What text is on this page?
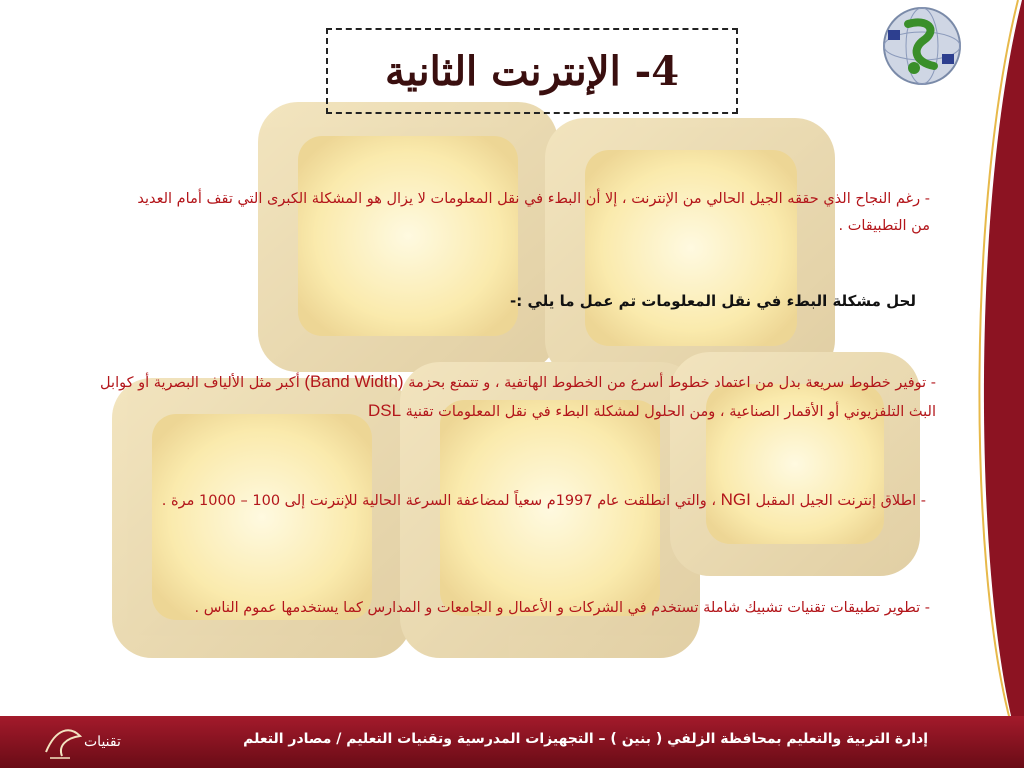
4- الإنترنت الثانية
- رغم النجاح الذي حققه الجيل الحالي من الإنترنت ، إلا أن البطء في نقل المعلومات لا يزال هو المشكلة الكبرى التي تقف أمام العديد من التطبيقات .
لحل مشكلة البطء في نقل المعلومات تم عمل ما يلي :-
- توفير خطوط سريعة بدل من اعتماد خطوط أسرع من الخطوط الهاتفية ، و تتمتع بحزمة (Band Width) أكبر مثل الألياف البصرية أو كوابل البث التلفزيوني أو الأقمار الصناعية ، ومن الحلول لمشكلة البطء في نقل المعلومات تقنية DSL
- اطلاق إنترنت الجيل المقبل NGI ، والتي انطلقت عام 1997م سعياً لمضاعفة السرعة الحالية للإنترنت إلى 100 – 1000 مرة .
- تطوير تطبيقات تقنيات تشبيك شاملة تستخدم في الشركات و الأعمال و الجامعات و المدارس كما يستخدمها عموم الناس .
تقنيات	إدارة التربية والتعليم بمحافظة الزلفي ( بنين ) – التجهيزات المدرسية وتقنيات التعليم / مصادر التعلم
